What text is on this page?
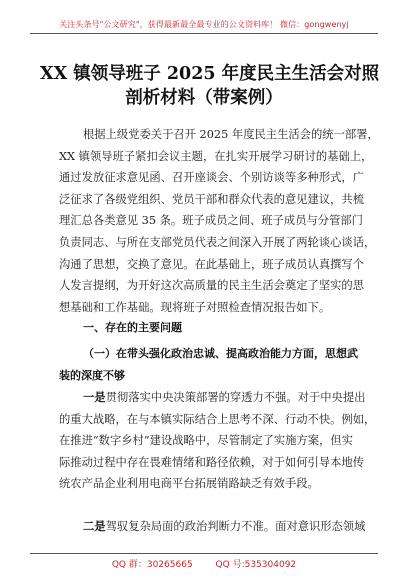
关注头条号"公文研究"，获得最新最全最专业的公文资料库！ 微信：gongwenyj
XX 镇领导班子 2025 年度民主生活会对照
剖析材料（带案例）

根据上级党委关于召开 2025 年度民主生活会的统一部署，

XX 镇领导班子紧扣会议主题，在扎实开展学习研讨的基础上，

通过发放征求意见函、召开座谈会、个别访谈等多种形式，广

泛征求了各级党组织、党员干部和群众代表的意见建议，共梳

理汇总各类意见 35 条。班子成员之间、班子成员与分管部门

负责同志、与所在支部党员代表之间深入开展了两轮谈心谈话，

沟通了思想，交换了意见。在此基础上，班子成员认真撰写个

人发言提纲，为开好这次高质量的民主生活会奠定了坚实的思

想基础和工作基础。现将班子对照检查情况报告如下。

一、存在的主要问题

（一）在带头强化政治忠诚、提高政治能力方面，思想武

装的深度不够

一是贯彻落实中央决策部署的穿透力不强。对于中央提出

的重大战略，在与本镇实际结合上思考不深、行动不快。例如，

在推进“数字乡村”建设战略中，尽管制定了实施方案，但实

际推动过程中存在畏难情绪和路径依赖，对于如何引导本地传

统农产品企业利用电商平台拓展销路缺乏有效手段。

二是驾驭复杂局面的政治判断力不准。面对意识形态领域

QQ 群：30265665	QQ 号:535304092
